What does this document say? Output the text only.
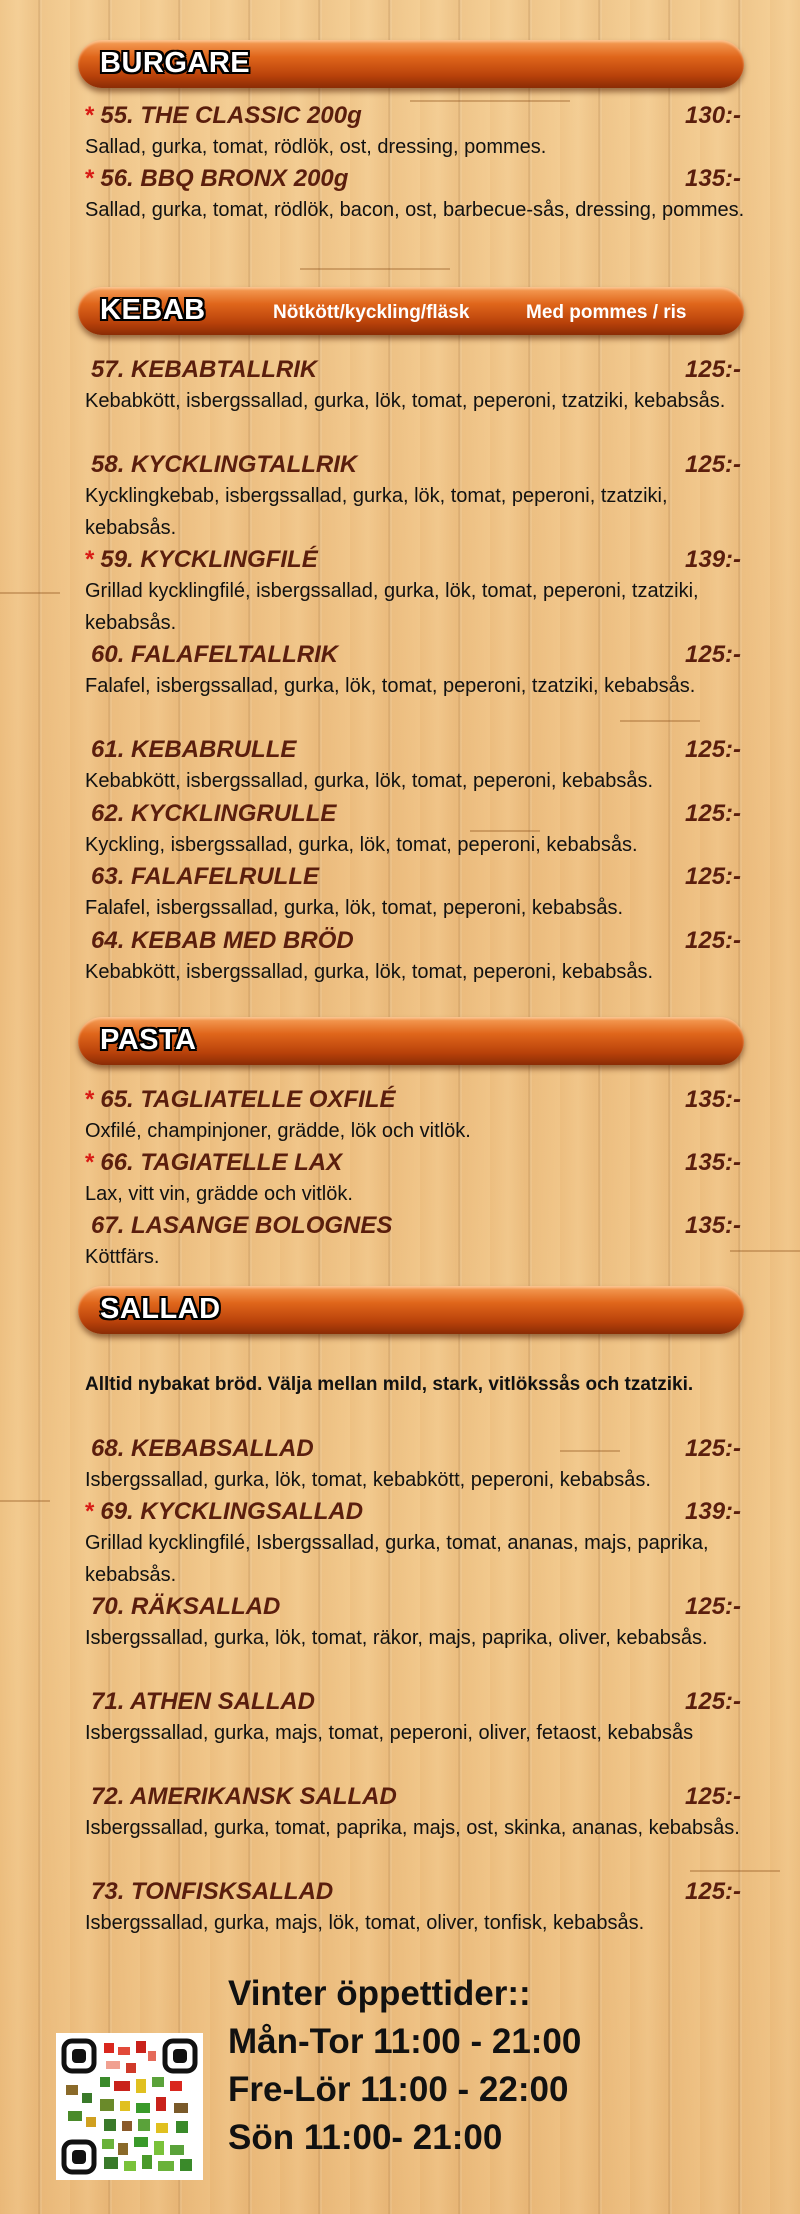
BURGARE
* 55. THE CLASSIC 200g	130:-
Sallad, gurka, tomat, rödlök, ost, dressing, pommes.
* 56. BBQ BRONX 200g	135:-
Sallad, gurka, tomat, rödlök, bacon, ost, barbecue-sås, dressing, pommes.
KEBAB	Nötkött/kyckling/fläsk	Med pommes / ris
57. KEBABTALLRIK	125:-
Kebabkött, isbergssallad, gurka, lök, tomat, peperoni, tzatziki, kebabsås.
58. KYCKLINGTALLRIK	125:-
Kycklingkebab, isbergssallad, gurka, lök, tomat, peperoni, tzatziki, kebabsås.
* 59. KYCKLINGFILÉ	139:-
Grillad kycklingfilé, isbergssallad, gurka, lök, tomat, peperoni, tzatziki, kebabsås.
60. FALAFELTALLRIK	125:-
Falafel, isbergssallad, gurka, lök, tomat, peperoni, tzatziki, kebabsås.
61. KEBABRULLE	125:-
Kebabkött, isbergssallad, gurka, lök, tomat, peperoni, kebabsås.
62. KYCKLINGRULLE	125:-
Kyckling, isbergssallad, gurka, lök, tomat, peperoni, kebabsås.
63. FALAFELRULLE	125:-
Falafel, isbergssallad, gurka, lök, tomat, peperoni, kebabsås.
64. KEBAB MED BRÖD	125:-
Kebabkött, isbergssallad, gurka, lök, tomat, peperoni, kebabsås.
PASTA
* 65. TAGLIATELLE OXFILÉ	135:-
Oxfilé, champinjoner, grädde, lök och vitlök.
* 66. TAGIATELLE LAX	135:-
Lax, vitt vin, grädde och vitlök.
67. LASANGE BOLOGNES	135:-
Köttfärs.
SALLAD
Alltid nybakat bröd. Välja mellan mild, stark, vitlökssås och tzatziki.
68. KEBABSALLAD	125:-
Isbergssallad, gurka, lök, tomat, kebabkött, peperoni, kebabsås.
* 69. KYCKLINGSALLAD	139:-
Grillad kycklingfilé, Isbergssallad, gurka, tomat, ananas, majs, paprika, kebabsås.
70. RÄKSALLAD	125:-
Isbergssallad, gurka, lök, tomat, räkor, majs, paprika, oliver, kebabsås.
71. ATHEN SALLAD	125:-
Isbergssallad, gurka, majs, tomat, peperoni, oliver, fetaost, kebabsås
72. AMERIKANSK SALLAD	125:-
Isbergssallad, gurka, tomat, paprika, majs, ost, skinka, ananas, kebabsås.
73. TONFISKSALLAD	125:-
Isbergssallad, gurka, majs, lök, tomat, oliver, tonfisk, kebabsås.
Vinter öppettider::
Mån-Tor 11:00 - 21:00
Fre-Lör 11:00 - 22:00
Sön 11:00- 21:00
